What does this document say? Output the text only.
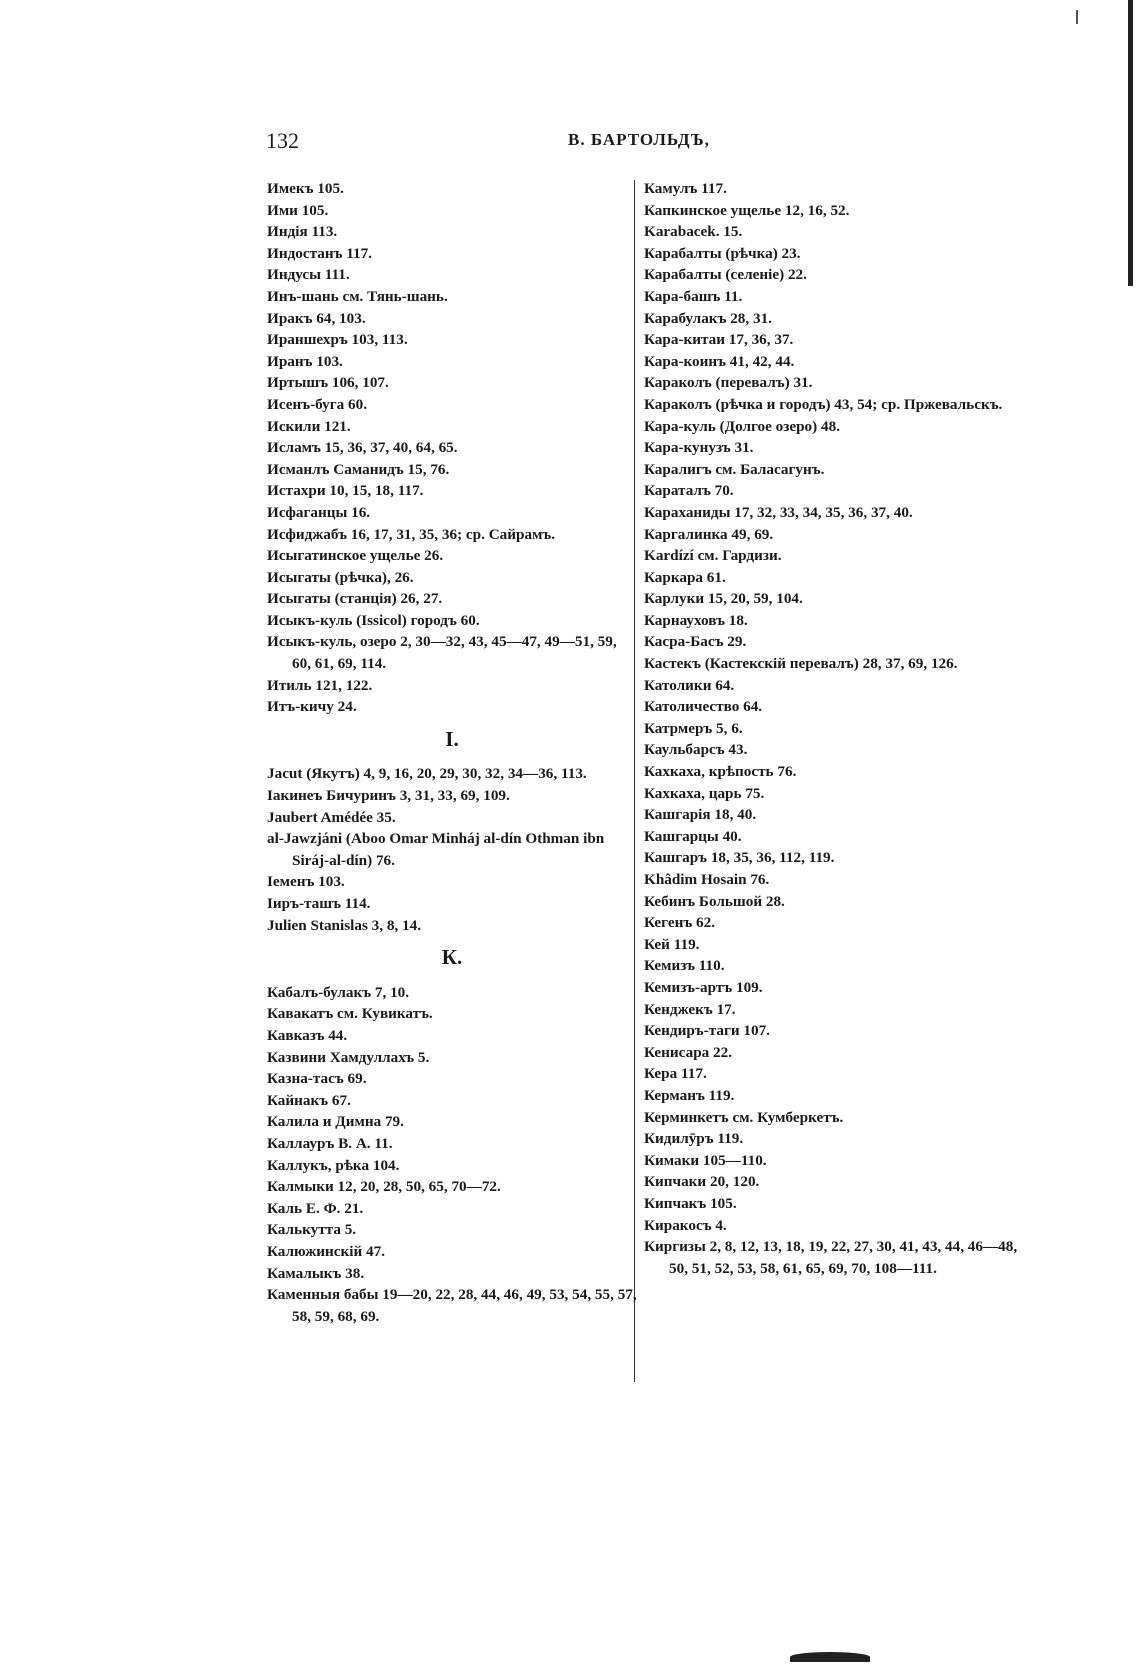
132	В. БАРТОЛЬДЪ,

Имекъ 105.

Ими 105.

Индія 113.

Индостанъ 117.

Индусы 111.

Инъ-шань см. Тянь-шань.

Иракъ 64, 103.

Ираншехръ 103, 113.

Иранъ 103.

Иртышъ 106, 107.

Исенъ-буга 60.

Искили 121.

Исламъ 15, 36, 37, 40, 64, 65.

Исманлъ Саманидъ 15, 76.

Истахри 10, 15, 18, 117.

Исфаганцы 16.

Исфиджабъ 16, 17, 31, 35, 36; ср. Сайрамъ.

Исыгатинское ущелье 26.

Исыгаты (рѣчка), 26.

Исыгаты (станція) 26, 27.

Исыкъ-куль (Issicol) городъ 60.

Исыкъ-куль, озеро 2, 30—32, 43, 45—47, 49—51, 59, 60, 61, 69, 114.

Итиль 121, 122.

Итъ-кичу 24.

I.

Jacut (Якутъ) 4, 9, 16, 20, 29, 30, 32, 34—36, 113.

Іакинеъ Бичуринъ 3, 31, 33, 69, 109.

Jaubert Amédée 35.

al-Jawzjáni (Aboo Omar Minháj al-dín Othman ibn Siráj-al-dín) 76.

Іеменъ 103.

Іиръ-ташъ 114.

Julien Stanislas 3, 8, 14.

К.

Кабалъ-булакъ 7, 10.

Кавакатъ см. Кувикатъ.

Кавказъ 44.

Казвини Хамдуллахъ 5.

Казна-тасъ 69.

Кайнакъ 67.

Калила и Димна 79.

Каллауръ В. А. 11.

Каллукъ, рѣка 104.

Калмыки 12, 20, 28, 50, 65, 70—72.

Каль Е. Ф. 21.

Калькутта 5.

Калюжинскій 47.

Камалыкъ 38.

Каменныя бабы 19—20, 22, 28, 44, 46, 49, 53, 54, 55, 57, 58, 59, 68, 69.

Камулъ 117.

Капкинское ущелье 12, 16, 52.

Karabacek. 15.

Карабалты (рѣчка) 23.

Карабалты (селеніе) 22.

Кара-башъ 11.

Карабулакъ 28, 31.

Кара-китаи 17, 36, 37.

Кара-коинъ 41, 42, 44.

Караколъ (перевалъ) 31.

Караколъ (рѣчка и городъ) 43, 54; ср. Пржевальскъ.

Кара-куль (Долгое озеро) 48.

Кара-кунузъ 31.

Каралигъ см. Баласагунъ.

Караталъ 70.

Караханиды 17, 32, 33, 34, 35, 36, 37, 40.

Каргалинка 49, 69.

Kardízí см. Гардизи.

Каркара 61.

Карлуки 15, 20, 59, 104.

Карнауховъ 18.

Касра-Басъ 29.

Кастекъ (Кастекскій перевалъ) 28, 37, 69, 126.

Католики 64.

Католичество 64.

Катрмеръ 5, 6.

Каульбарсъ 43.

Кахкаха, крѣпость 76.

Кахкаха, царь 75.

Кашгарія 18, 40.

Кашгарцы 40.

Кашгаръ 18, 35, 36, 112, 119.

Khâdim Hosain 76.

Кебинъ Большой 28.

Кегенъ 62.

Кей 119.

Кемизъ 110.

Кемизъ-артъ 109.

Кенджекъ 17.

Кендиръ-таги 107.

Кенисара 22.

Кера 117.

Керманъ 119.

Керминкетъ см. Кумберкетъ.

Кидилӯръ 119.

Кимаки 105—110.

Кипчаки 20, 120.

Кипчакъ 105.

Киракосъ 4.

Киргизы 2, 8, 12, 13, 18, 19, 22, 27, 30, 41, 43, 44, 46—48, 50, 51, 52, 53, 58, 61, 65, 69, 70, 108—111.
